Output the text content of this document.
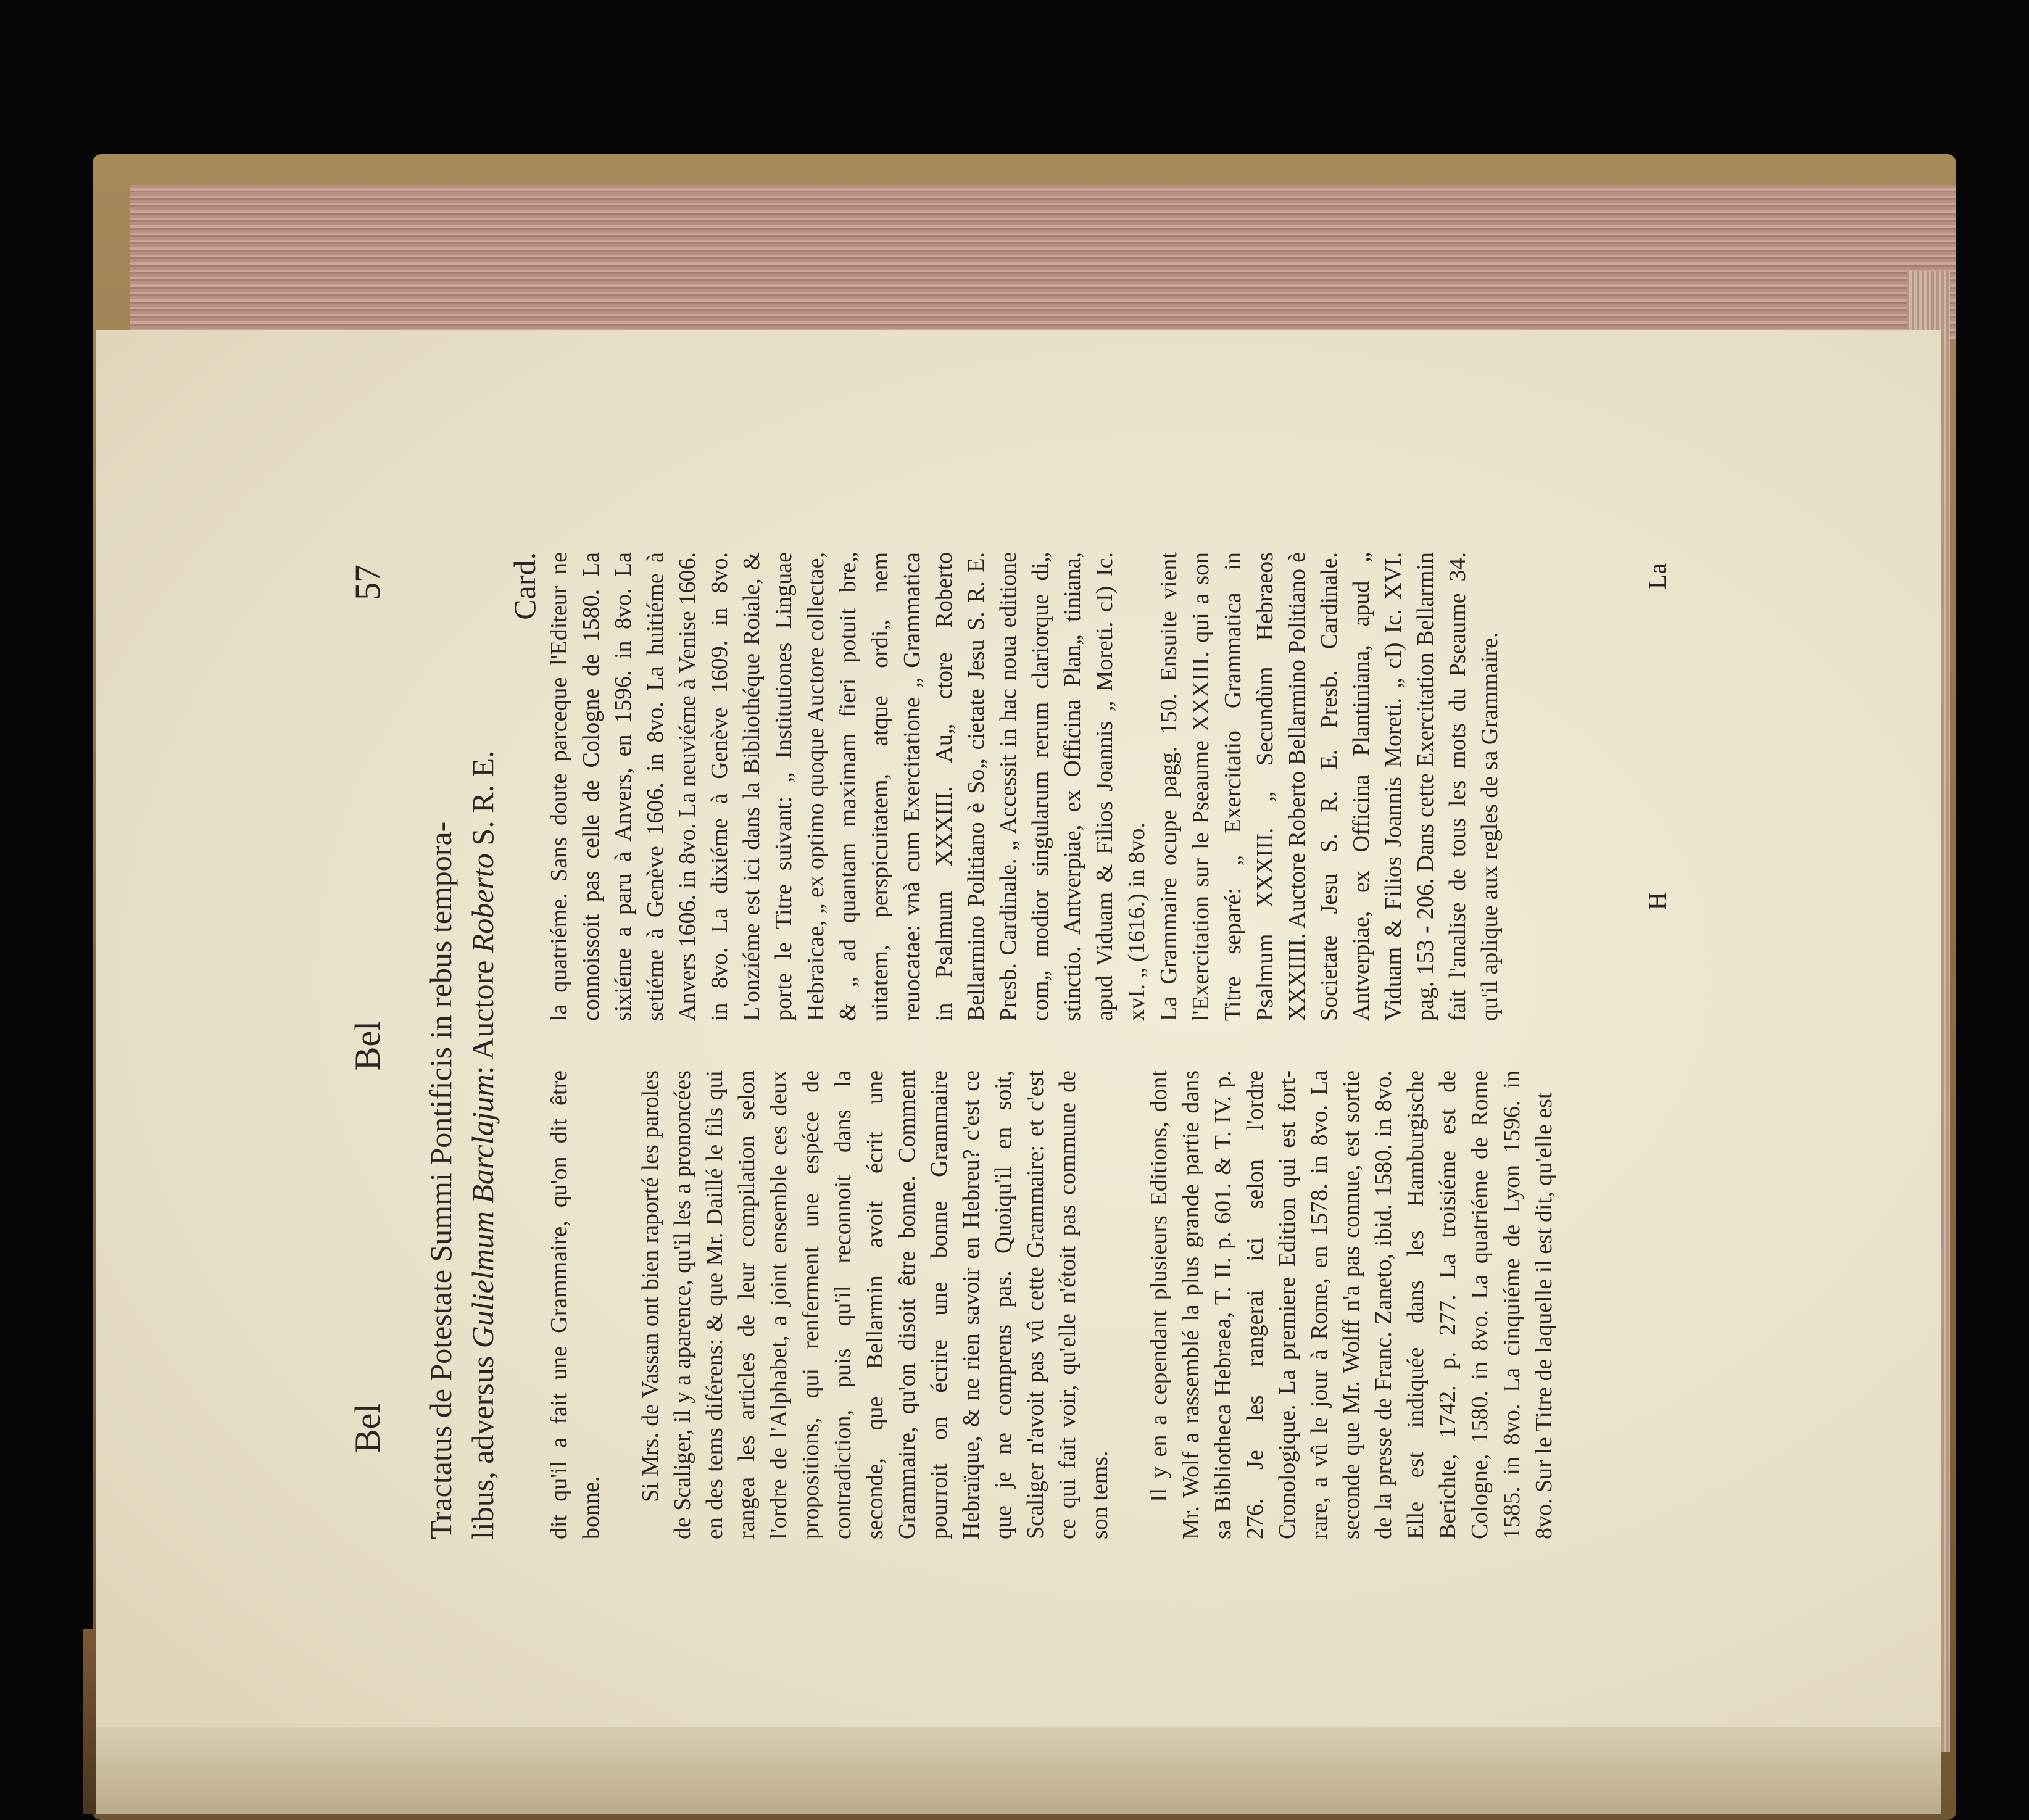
Bel
Bel
57
Tractatus de Potestate Summi Pontificis in rebus tempora- libus, adversus Gulielmum Barclajum: Auctore Roberto S. R. E.
Card.

dit qu'il a fait une Grammaire, qu'on dit être bonne.

Si Mrs. de Vassan ont bien raporté les paroles de Scaliger, il y a aparence, qu'il les a prononcées en des tems diférens: & que Mr. Daillé le fils qui rangea les articles de leur compilation selon l'ordre de l'Alphabet, a joint ensemble ces deux propositions, qui renferment une espéce de contradiction, puis qu'il reconnoit dans la seconde, que Bellarmin avoit écrit une Grammaire, qu'on disoit être bonne. Comment pourroit on écrire une bonne Grammaire Hebraïque, & ne rien savoir en Hebreu? c'est ce que je ne comprens pas. Quoiqu'il en soit, Scaliger n'avoit pas vû cette Grammaire: et c'est ce qui fait voir, qu'elle n'étoit pas commune de son tems. Il y en a cependant plusieurs Editions, dont Mr. Wolf a rassemblé la plus grande partie dans sa Bibliotheca Hebraea, T. II. p. 601. & T. IV. p. 276. Je les rangerai ici selon l'ordre Cronologique. La premiere Edition qui est fort-rare, a vû le jour à Rome, en 1578. in 8vo. La seconde que Mr. Wolff n'a pas connue, est sortie de la presse de Franc. Zaneto, ibid. 1580. in 8vo. Elle est indiquée dans les Hamburgische Berichte, 1742. p. 277. La troisiéme est de Cologne, 1580. in 8vo. La quatriéme de Rome 1585. in 8vo. La cinquiéme de Lyon 1596. in 8vo. Sur le Titre de laquelle il est dit, qu'elle est

la quatriéme. Sans doute parceque l'Editeur ne connoissoit pas celle de Cologne de 1580. La sixiéme a paru à Anvers, en 1596. in 8vo. La setiéme à Genève 1606. in 8vo. La huitiéme à Anvers 1606. in 8vo. La neuviéme à Venise 1606. in 8vo. La dixiéme à Genève 1609. in 8vo. L'onziéme est ici dans la Bibliothéque Roiale, & porte le Titre suivant: „ Institutiones Linguae Hebraicae, „ ex optimo quoque Auctore collectae, & „ ad quantam maximam fieri potuit bre„ uitatem, perspicuitatem, atque ordi„ nem reuocatae: vnà cum Exercitatione „ Grammatica in Psalmum XXXIII. Au„ ctore Roberto Bellarmino Politiano è So„ cietate Jesu S. R. E. Presb. Cardinale. „ Accessit in hac noua editione com„ modior singularum rerum clariorque di„ stinctio. Antverpiae, ex Officina Plan„ tiniana, apud Viduam & Filios Joannis „ Moreti. cI) Ic. xvI. „ (1616.) in 8vo. La Grammaire ocupe pagg. 150. Ensuite vient l'Exercitation sur le Pseaume XXXIII. qui a son Titre separé: „ Exercitatio Grammatica in Psalmum XXXIII. „ Secundùm Hebraeos XXXIIII. Auctore Roberto Bellarmino Politiano è Societate Jesu S. R. E. Presb. Cardinale. Antverpiae, ex Officina Plantiniana, apud „ Viduam & Filios Joannis Moreti. „ cI) Ic. XVI. pag. 153 - 206. Dans cette Exercitation Bellarmin fait l'analise de tous les mots du Pseaume 34. qu'il aplique aux regles de sa Grammaire.	H
La
